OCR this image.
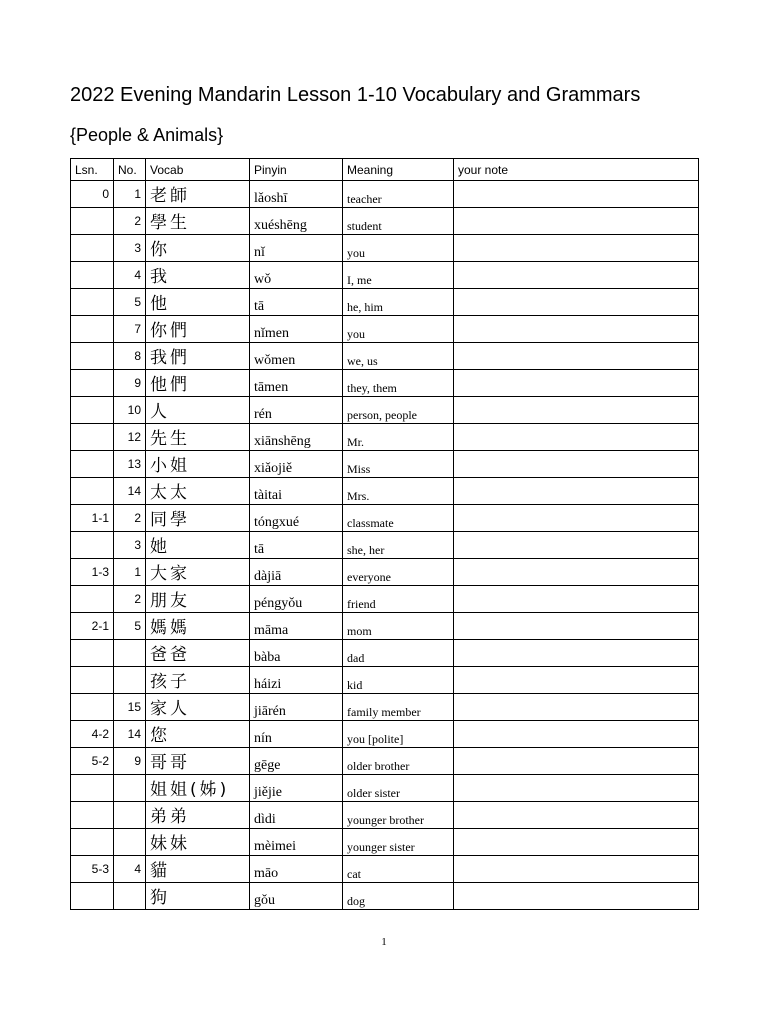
2022 Evening Mandarin Lesson 1-10 Vocabulary and Grammars
{People & Animals}
Lsn.	No.	Vocab	Pinyin	Meaning	your note
0	1	老師	lǎoshī	teacher	
	2	學生	xuéshēng	student	
	3	你	nǐ	you	
	4	我	wǒ	I, me	
	5	他	tā	he, him	
	7	你們	nǐmen	you	
	8	我們	wǒmen	we, us	
	9	他們	tāmen	they, them	
	10	人	rén	person, people	
	12	先生	xiānshēng	Mr.	
	13	小姐	xiǎojiě	Miss	
	14	太太	tàitai	Mrs.	
1-1	2	同學	tóngxué	classmate	
	3	她	tā	she, her	
1-3	1	大家	dàjiā	everyone	
	2	朋友	péngyǒu	friend	
2-1	5	媽媽	māma	mom	
		爸爸	bàba	dad	
		孩子	háizi	kid	
	15	家人	jiārén	family member	
4-2	14	您	nín	you [polite]	
5-2	9	哥哥	gēge	older brother	
		姐姐(姊)	jiějie	older sister	
		弟弟	dìdi	younger brother	
		妹妹	mèimei	younger sister	
5-3	4	貓	māo	cat	
		狗	gǒu	dog	
1
